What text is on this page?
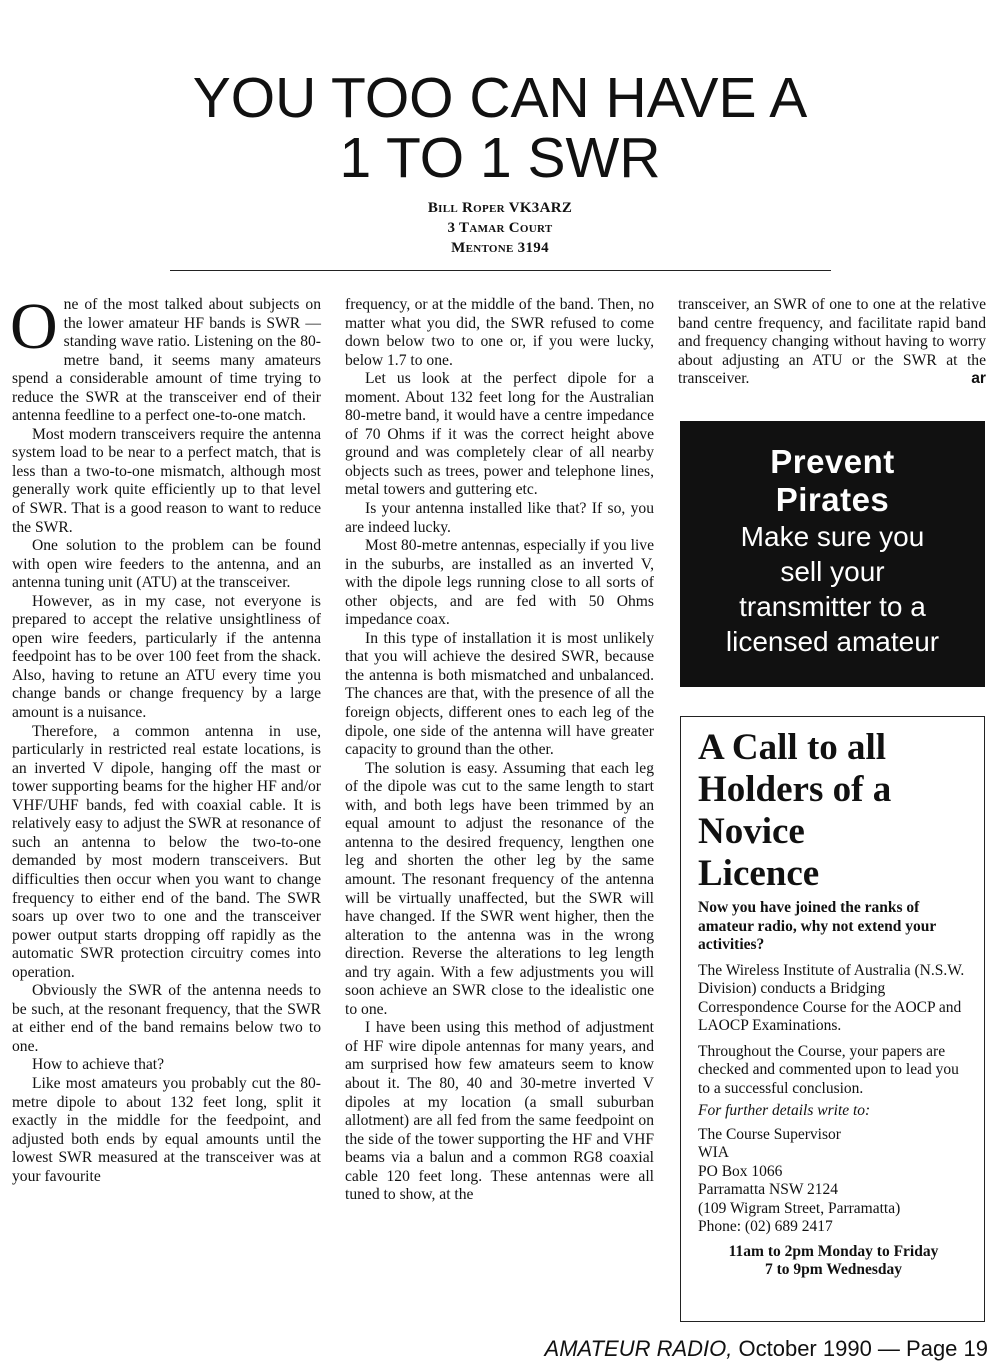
YOU TOO CAN HAVE A
1 TO 1 SWR
Bill Roper VK3ARZ
3 Tamar Court
Mentone 3194

One of the most talked about subjects on the lower amateur HF bands is SWR — standing wave ratio. Listening on the 80-metre band, it seems many amateurs spend a considerable amount of time trying to reduce the SWR at the transceiver end of their antenna feedline to a perfect one-to-one match.

Most modern transceivers require the antenna system load to be near to a perfect match, that is less than a two-to-one mismatch, although most generally work quite efficiently up to that level of SWR. That is a good reason to want to reduce the SWR.

One solution to the problem can be found with open wire feeders to the antenna, and an antenna tuning unit (ATU) at the transceiver.

However, as in my case, not everyone is prepared to accept the relative unsightliness of open wire feeders, particularly if the antenna feedpoint has to be over 100 feet from the shack. Also, having to retune an ATU every time you change bands or change frequency by a large amount is a nuisance.

Therefore, a common antenna in use, particularly in restricted real estate locations, is an inverted V dipole, hanging off the mast or tower supporting beams for the higher HF and/or VHF/UHF bands, fed with coaxial cable. It is relatively easy to adjust the SWR at resonance of such an antenna to below the two-to-one demanded by most modern transceivers. But difficulties then occur when you want to change frequency to either end of the band. The SWR soars up over two to one and the transceiver power output starts dropping off rapidly as the automatic SWR protection circuitry comes into operation.

Obviously the SWR of the antenna needs to be such, at the resonant frequency, that the SWR at either end of the band remains below two to one.

How to achieve that?

Like most amateurs you probably cut the 80-metre dipole to about 132 feet long, split it exactly in the middle for the feedpoint, and adjusted both ends by equal amounts until the lowest SWR measured at the transceiver was at your favourite

frequency, or at the middle of the band. Then, no matter what you did, the SWR refused to come down below two to one or, if you were lucky, below 1.7 to one.

Let us look at the perfect dipole for a moment. About 132 feet long for the Australian 80-metre band, it would have a centre impedance of 70 Ohms if it was the correct height above ground and was completely clear of all nearby objects such as trees, power and telephone lines, metal towers and guttering etc.

Is your antenna installed like that? If so, you are indeed lucky.

Most 80-metre antennas, especially if you live in the suburbs, are installed as an inverted V, with the dipole legs running close to all sorts of other objects, and are fed with 50 Ohms impedance coax.

In this type of installation it is most unlikely that you will achieve the desired SWR, because the antenna is both mismatched and unbalanced. The chances are that, with the presence of all the foreign objects, different ones to each leg of the dipole, one side of the antenna will have greater capacity to ground than the other.

The solution is easy. Assuming that each leg of the dipole was cut to the same length to start with, and both legs have been trimmed by an equal amount to adjust the resonance of the antenna to the desired frequency, lengthen one leg and shorten the other leg by the same amount. The resonant frequency of the antenna will be virtually unaffected, but the SWR will have changed. If the SWR went higher, then the alteration to the antenna was in the wrong direction. Reverse the alterations to leg length and try again. With a few adjustments you will soon achieve an SWR close to the idealistic one to one.

I have been using this method of adjustment of HF wire dipole antennas for many years, and am surprised how few amateurs seem to know about it. The 80, 40 and 30-metre inverted V dipoles at my location (a small suburban allotment) are all fed from the same feedpoint on the side of the tower supporting the HF and VHF beams via a balun and a common RG8 coaxial cable 120 feet long. These antennas were all tuned to show, at the

transceiver, an SWR of one to one at the relative band centre frequency, and facilitate rapid band and frequency changing without having to worry about adjusting an ATU or the SWR at the transceiver.	ar

Prevent
Pirates
Make sure you
sell your
transmitter to a
licensed amateur
A Call to all
Holders of a
Novice
Licence
Now you have joined the ranks of amateur radio, why not extend your activities?
The Wireless Institute of Australia (N.S.W. Division) conducts a Bridging Correspondence Course for the AOCP and LAOCP Examinations.
Throughout the Course, your papers are checked and commented upon to lead you to a successful conclusion.
For further details write to:
The Course Supervisor
WIA
PO Box 1066
Parramatta NSW 2124
(109 Wigram Street, Parramatta)
Phone: (02) 689 2417
11am to 2pm Monday to Friday
7 to 9pm Wednesday
AMATEUR RADIO, October 1990 — Page 19
